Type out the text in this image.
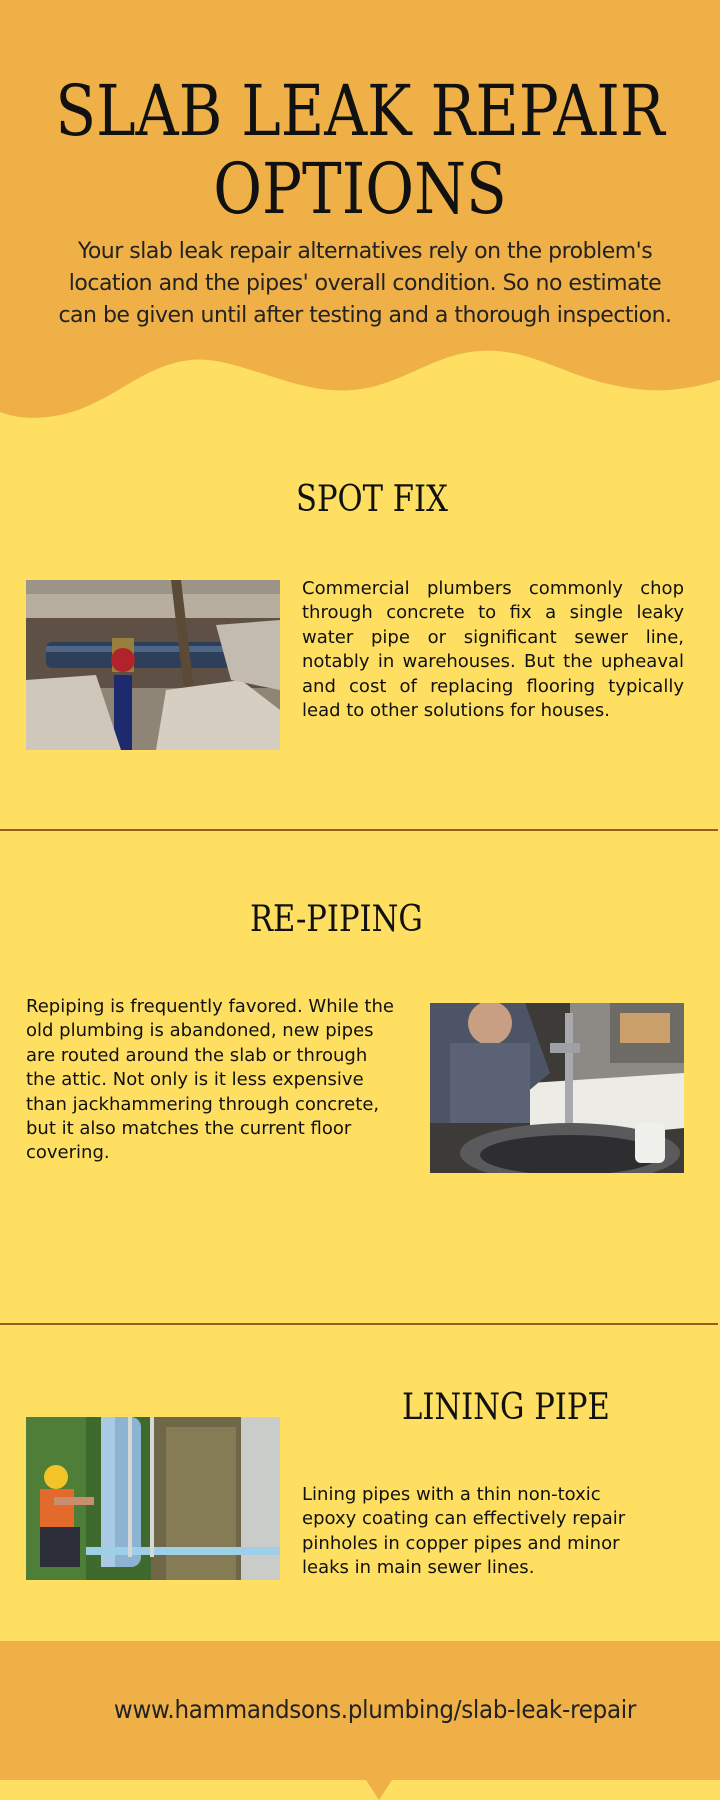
SLAB LEAK REPAIR
OPTIONS

Your slab leak repair alternatives rely on the problem's location and the pipes' overall condition. So no estimate can be given until after testing and a thorough inspection.

SPOT FIX

Commercial plumbers commonly chop through concrete to fix a single leaky water pipe or significant sewer line, notably in warehouses. But the upheaval and cost of replacing flooring typically lead to other solutions for houses.

RE-PIPING

Repiping is frequently favored. While the old plumbing is abandoned, new pipes are routed around the slab or through the attic. Not only is it less expensive than jackhammering through concrete, but it also matches the current floor covering.

LINING PIPE

Lining pipes with a thin non-toxic epoxy coating can effectively repair pinholes in copper pipes and minor leaks in main sewer lines.

www.hammandsons.plumbing/slab-leak-repair
